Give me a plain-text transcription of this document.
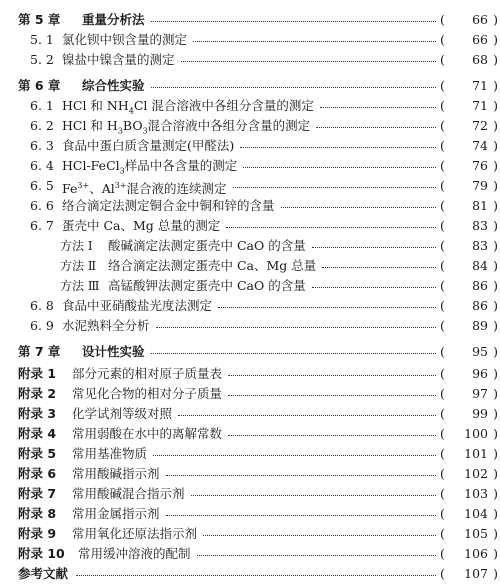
第 5 章 重量分析法	( 66 )
5. 1 氯化钡中钡含量的测定	( 66 )
5. 2 镍盐中镍含量的测定	( 68 )
第 6 章 综合性实验	( 71 )
6. 1 HCl 和 $NH_4Cl$ 混合溶液中各组分含量的测定	( 71 )
6. 2 HCl 和 $H_3BO_3$混合溶液中各组分含量的测定	( 72 )
6. 3 食品中蛋白质含量测定(甲醛法)	( 74 )
6. 4 HCl-FeCl$_3$样品中各含量的测定	( 76 )
6. 5 $Fe^{3+}$、$Al^{3+}$混合液的连续测定	( 79 )
6. 6 络合滴定法测定铜合金中铜和锌的含量	( 81 )
6. 7 蛋壳中 Ca、Mg 总量的测定	( 83 )
方法 Ⅰ 酸碱滴定法测定蛋壳中 CaO 的含量	( 83 )
方法 Ⅱ 络合滴定法测定蛋壳中 Ca、Mg 总量	( 84 )
方法 Ⅲ 高锰酸钾法测定蛋壳中 CaO 的含量	( 86 )
6. 8 食品中亚硝酸盐光度法测定	( 86 )
6. 9 水泥熟料全分析	( 89 )
第 7 章 设计性实验	( 95 )
附录 1 部分元素的相对原子质量表	( 96 )
附录 2 常见化合物的相对分子质量	( 97 )
附录 3 化学试剂等级对照	( 99 )
附录 4 常用弱酸在水中的离解常数	( 100 )
附录 5 常用基准物质	( 101 )
附录 6 常用酸碱指示剂	( 102 )
附录 7 常用酸碱混合指示剂	( 103 )
附录 8 常用金属指示剂	( 104 )
附录 9 常用氧化还原法指示剂	( 105 )
附录 10 常用缓冲溶液的配制	( 106 )
参考文献	( 107 )
